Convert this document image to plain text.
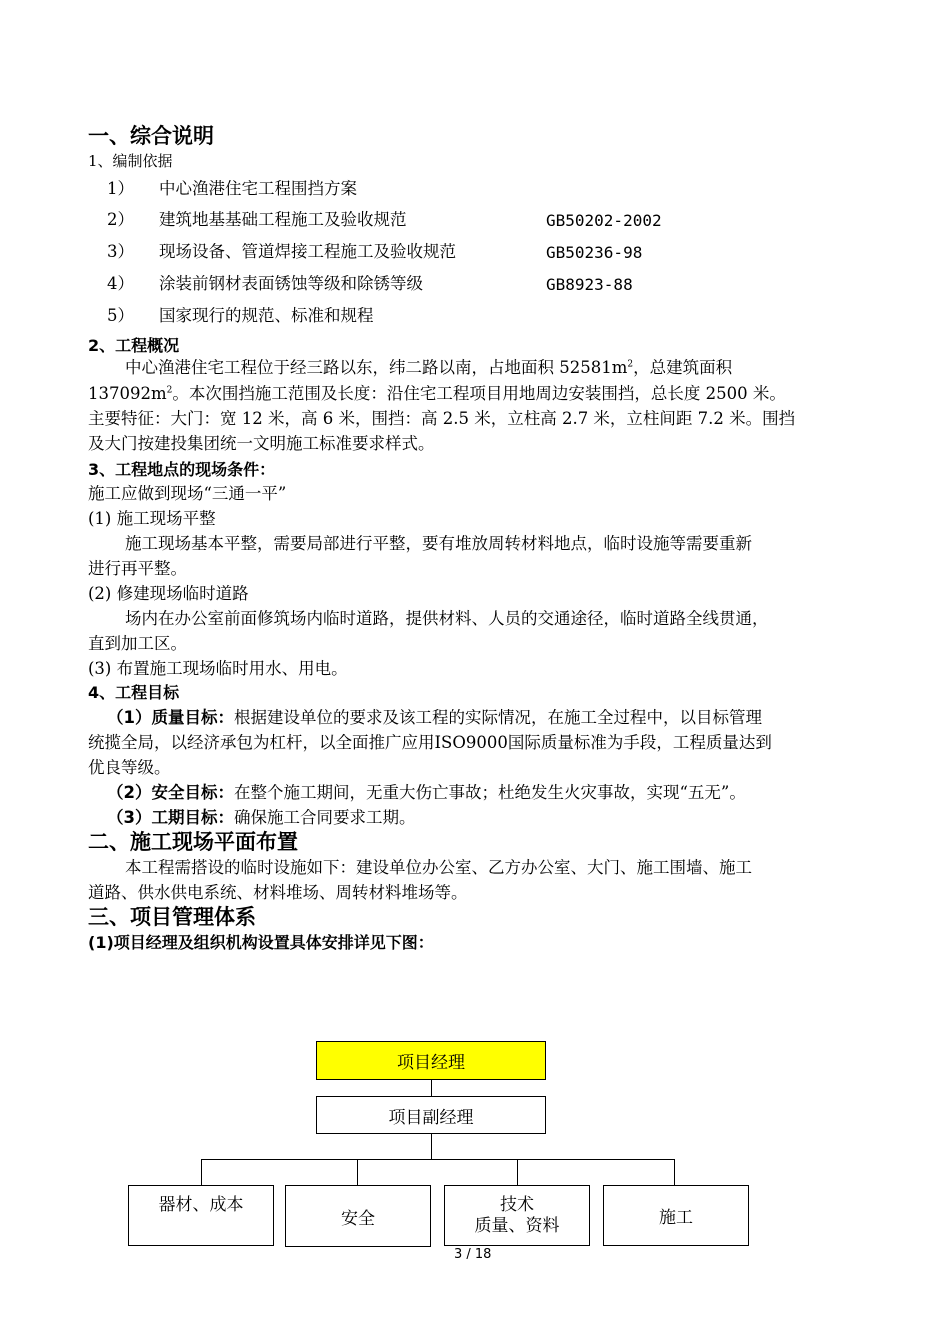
一、综合说明
1、编制依据
1） 中心渔港住宅工程围挡方案
2） 建筑地基基础工程施工及验收规范	GB50202-2002
3） 现场设备、管道焊接工程施工及验收规范	GB50236-98
4） 涂装前钢材表面锈蚀等级和除锈等级	GB8923-88
5） 国家现行的规范、标准和规程
2、工程概况
中心渔港住宅工程位于经三路以东，纬二路以南，占地面积 $52581m^2$，总建筑面积
$137092m^2$。本次围挡施工范围及长度：沿住宅工程项目用地周边安装围挡，总长度 2500 米。
主要特征：大门：宽 12 米，高 6 米，围挡：高 2.5 米，立柱高 2.7 米，立柱间距 7.2 米。围挡
及大门按建投集团统一文明施工标准要求样式。
3、工程地点的现场条件：
施工应做到现场“三通一平”
(1) 施工现场平整
施工现场基本平整，需要局部进行平整，要有堆放周转材料地点，临时设施等需要重新
进行再平整。
(2) 修建现场临时道路
场内在办公室前面修筑场内临时道路，提供材料、人员的交通途径，临时道路全线贯通，
直到加工区。
(3) 布置施工现场临时用水、用电。
4、工程目标
（1）质量目标：根据建设单位的要求及该工程的实际情况，在施工全过程中，以目标管理
统揽全局，以经济承包为杠杆，以全面推广应用ISO9000国际质量标准为手段，工程质量达到
优良等级。
（2）安全目标：在整个施工期间，无重大伤亡事故；杜绝发生火灾事故，实现“五无”。
（3）工期目标：确保施工合同要求工期。
二、施工现场平面布置
本工程需搭设的临时设施如下：建设单位办公室、乙方办公室、大门、施工围墙、施工
道路、供水供电系统、材料堆场、周转材料堆场等。
三、项目管理体系
(1)项目经理及组织机构设置具体安排详见下图：
项目经理
项目副经理
器材、成本
安全
技术
质量、资料	施工
3 / 18
